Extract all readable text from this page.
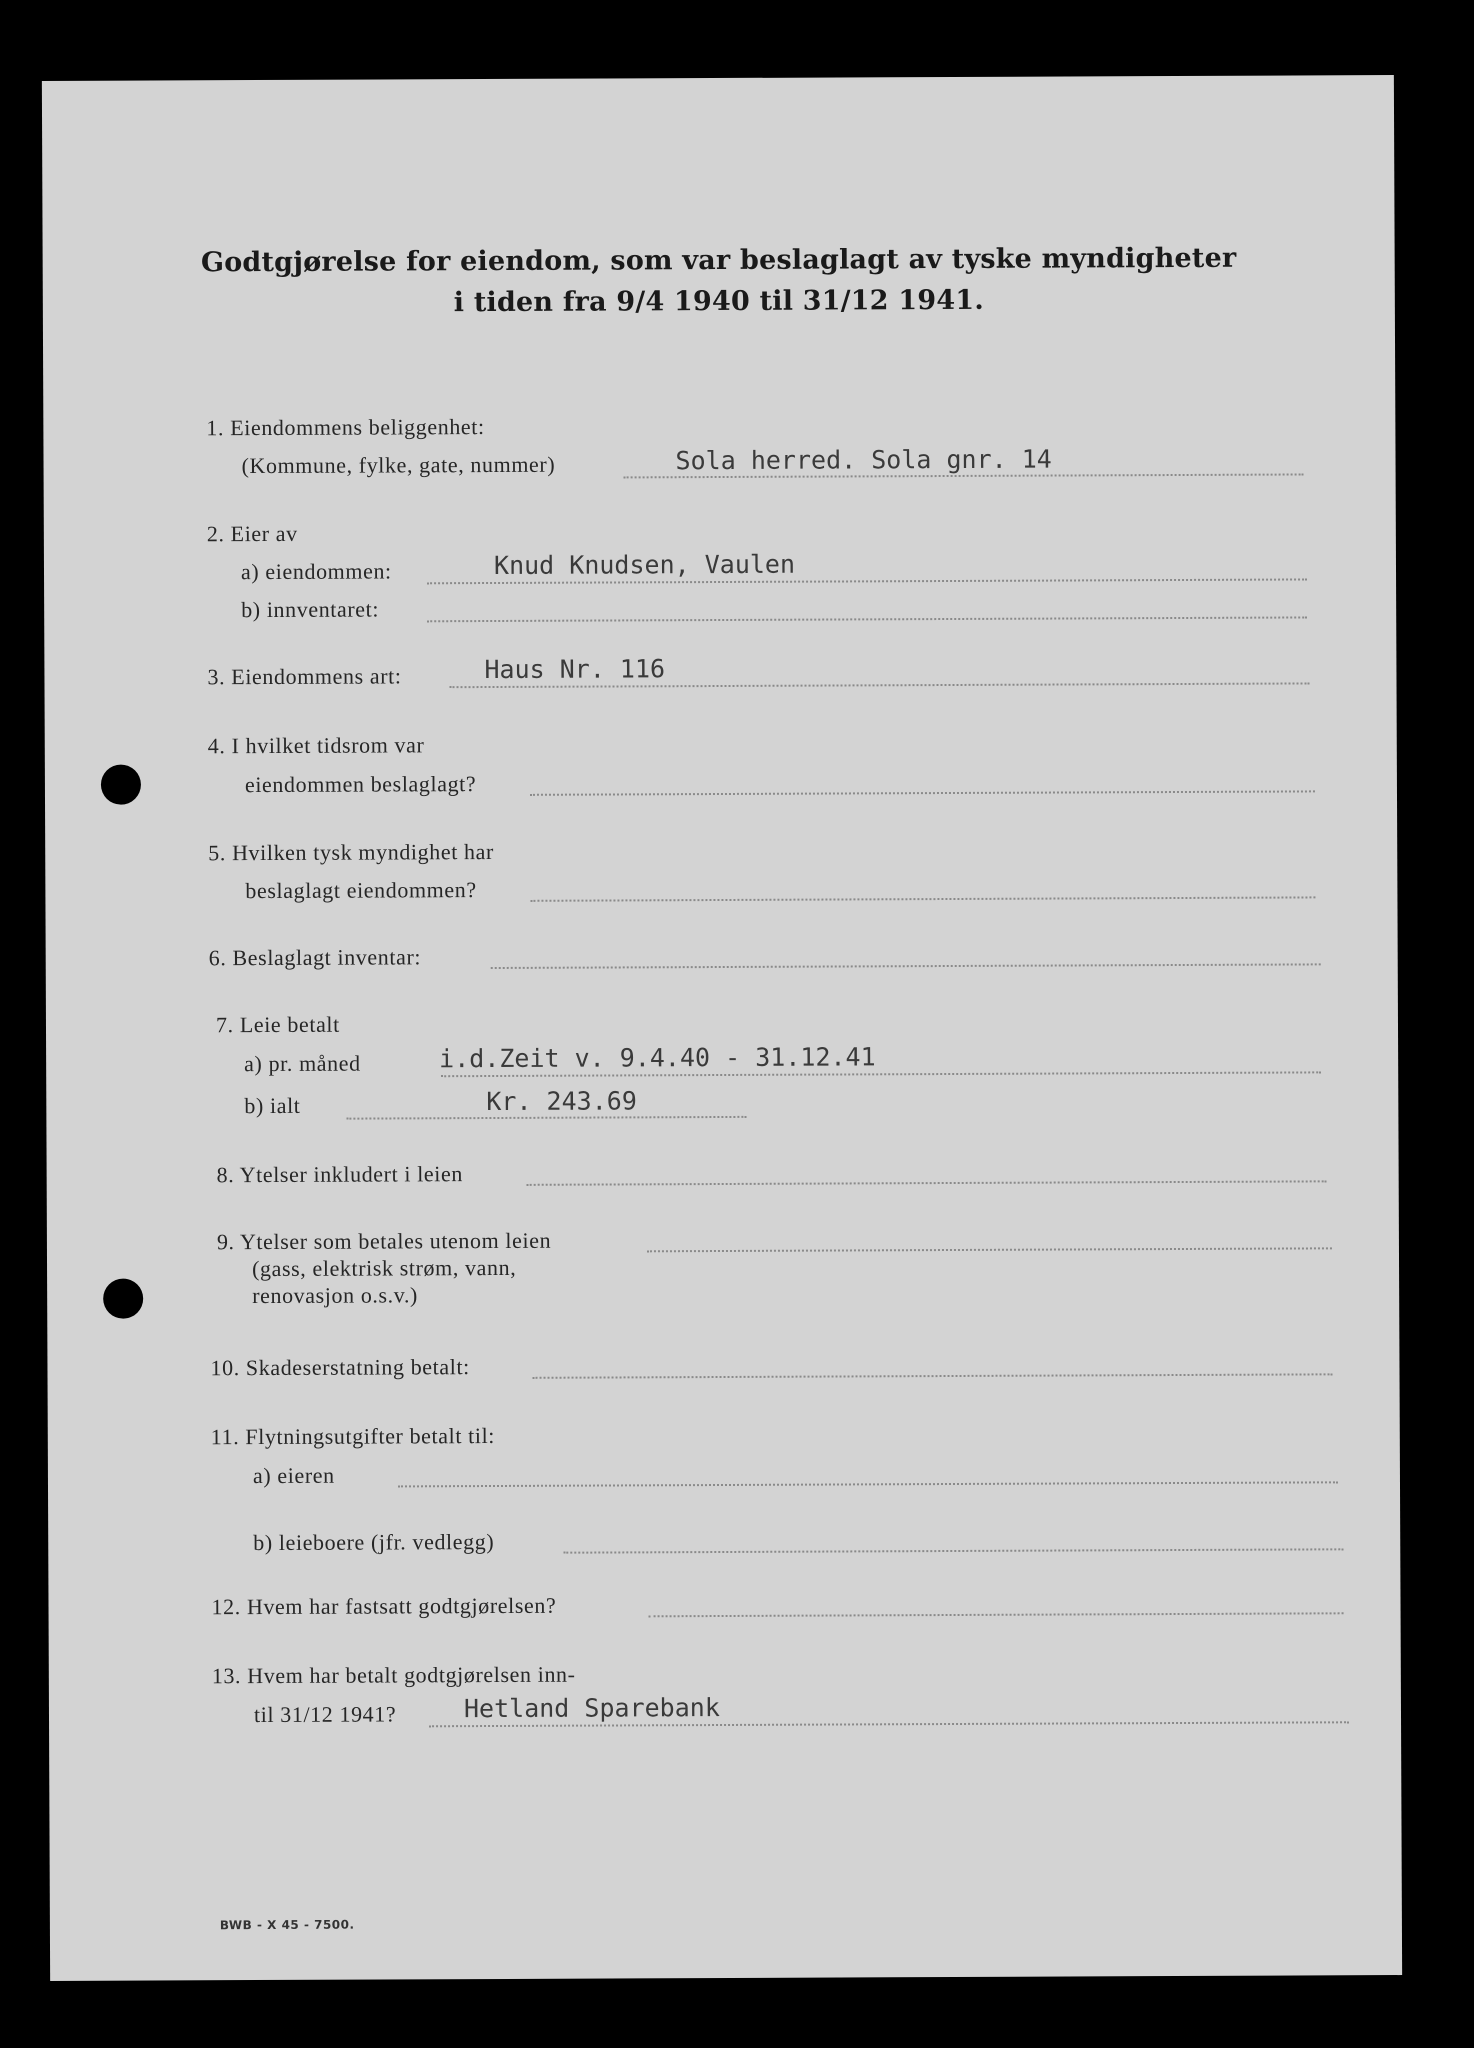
Godtgjørelse for eiendom, som var beslaglagt av tyske myndigheter
i tiden fra 9/4 1940 til 31/12 1941.
1. Eiendommens beliggenhet:
(Kommune, fylke, gate, nummer)	Sola herred. Sola gnr. 14
2. Eier av
a) eiendommen:	Knud Knudsen, Vaulen
b) innventaret:
3. Eiendommens art:	Haus Nr. 116
4. I hvilket tidsrom var
eiendommen beslaglagt?
5. Hvilken tysk myndighet har
beslaglagt eiendommen?
6. Beslaglagt inventar:
7. Leie betalt
a) pr. måned	i.d.Zeit v. 9.4.40 - 31.12.41
b) ialt	Kr. 243.69
8. Ytelser inkludert i leien
9. Ytelser som betales utenom leien
(gass, elektrisk strøm, vann,
renovasjon o.s.v.)
10. Skadeserstatning betalt:
11. Flytningsutgifter betalt til:
a) eieren
b) leieboere (jfr. vedlegg)
12. Hvem har fastsatt godtgjørelsen?
13. Hvem har betalt godtgjørelsen inn-
til 31/12 1941?	Hetland Sparebank
BWB - X 45 - 7500.
